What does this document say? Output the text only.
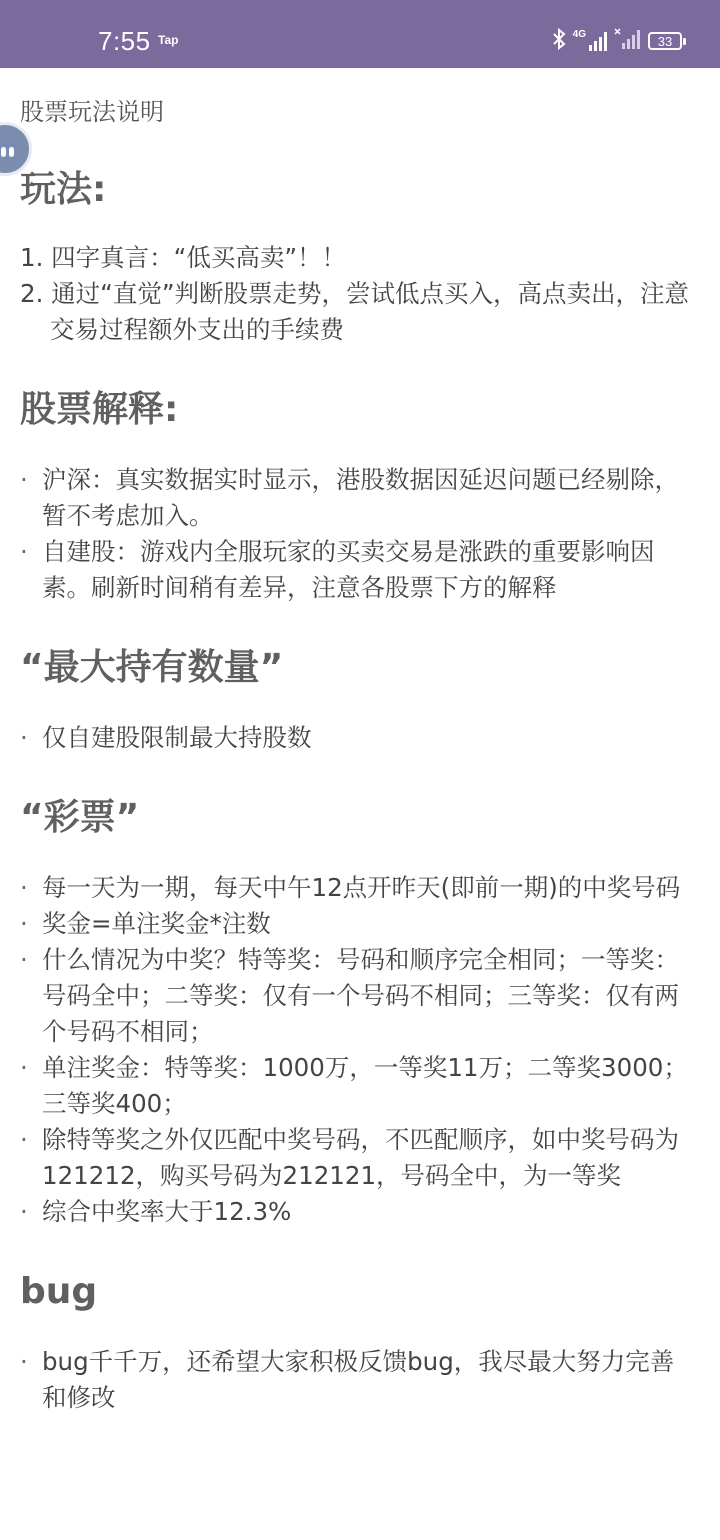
7:55 Tap	4G	33
股票玩法说明
玩法:
1. 四字真言：“低买高卖”！！
2. 通过“直觉”判断股票走势，尝试低点买入，高点卖出，注意交易过程额外支出的手续费
股票解释:
· 沪深：真实数据实时显示，港股数据因延迟问题已经剔除，暂不考虑加入。
· 自建股：游戏内全服玩家的买卖交易是涨跌的重要影响因素。刷新时间稍有差异，注意各股票下方的解释
“最大持有数量”
· 仅自建股限制最大持股数
“彩票”
· 每一天为一期，每天中午12点开昨天(即前一期)的中奖号码
· 奖金=单注奖金*注数
· 什么情况为中奖？特等奖：号码和顺序完全相同；一等奖：号码全中；二等奖：仅有一个号码不相同；三等奖：仅有两个号码不相同；
· 单注奖金：特等奖：1000万，一等奖11万；二等奖3000；三等奖400；
· 除特等奖之外仅匹配中奖号码，不匹配顺序，如中奖号码为121212，购买号码为212121，号码全中，为一等奖
· 综合中奖率大于12.3%
bug
· bug千千万，还希望大家积极反馈bug，我尽最大努力完善和修改
